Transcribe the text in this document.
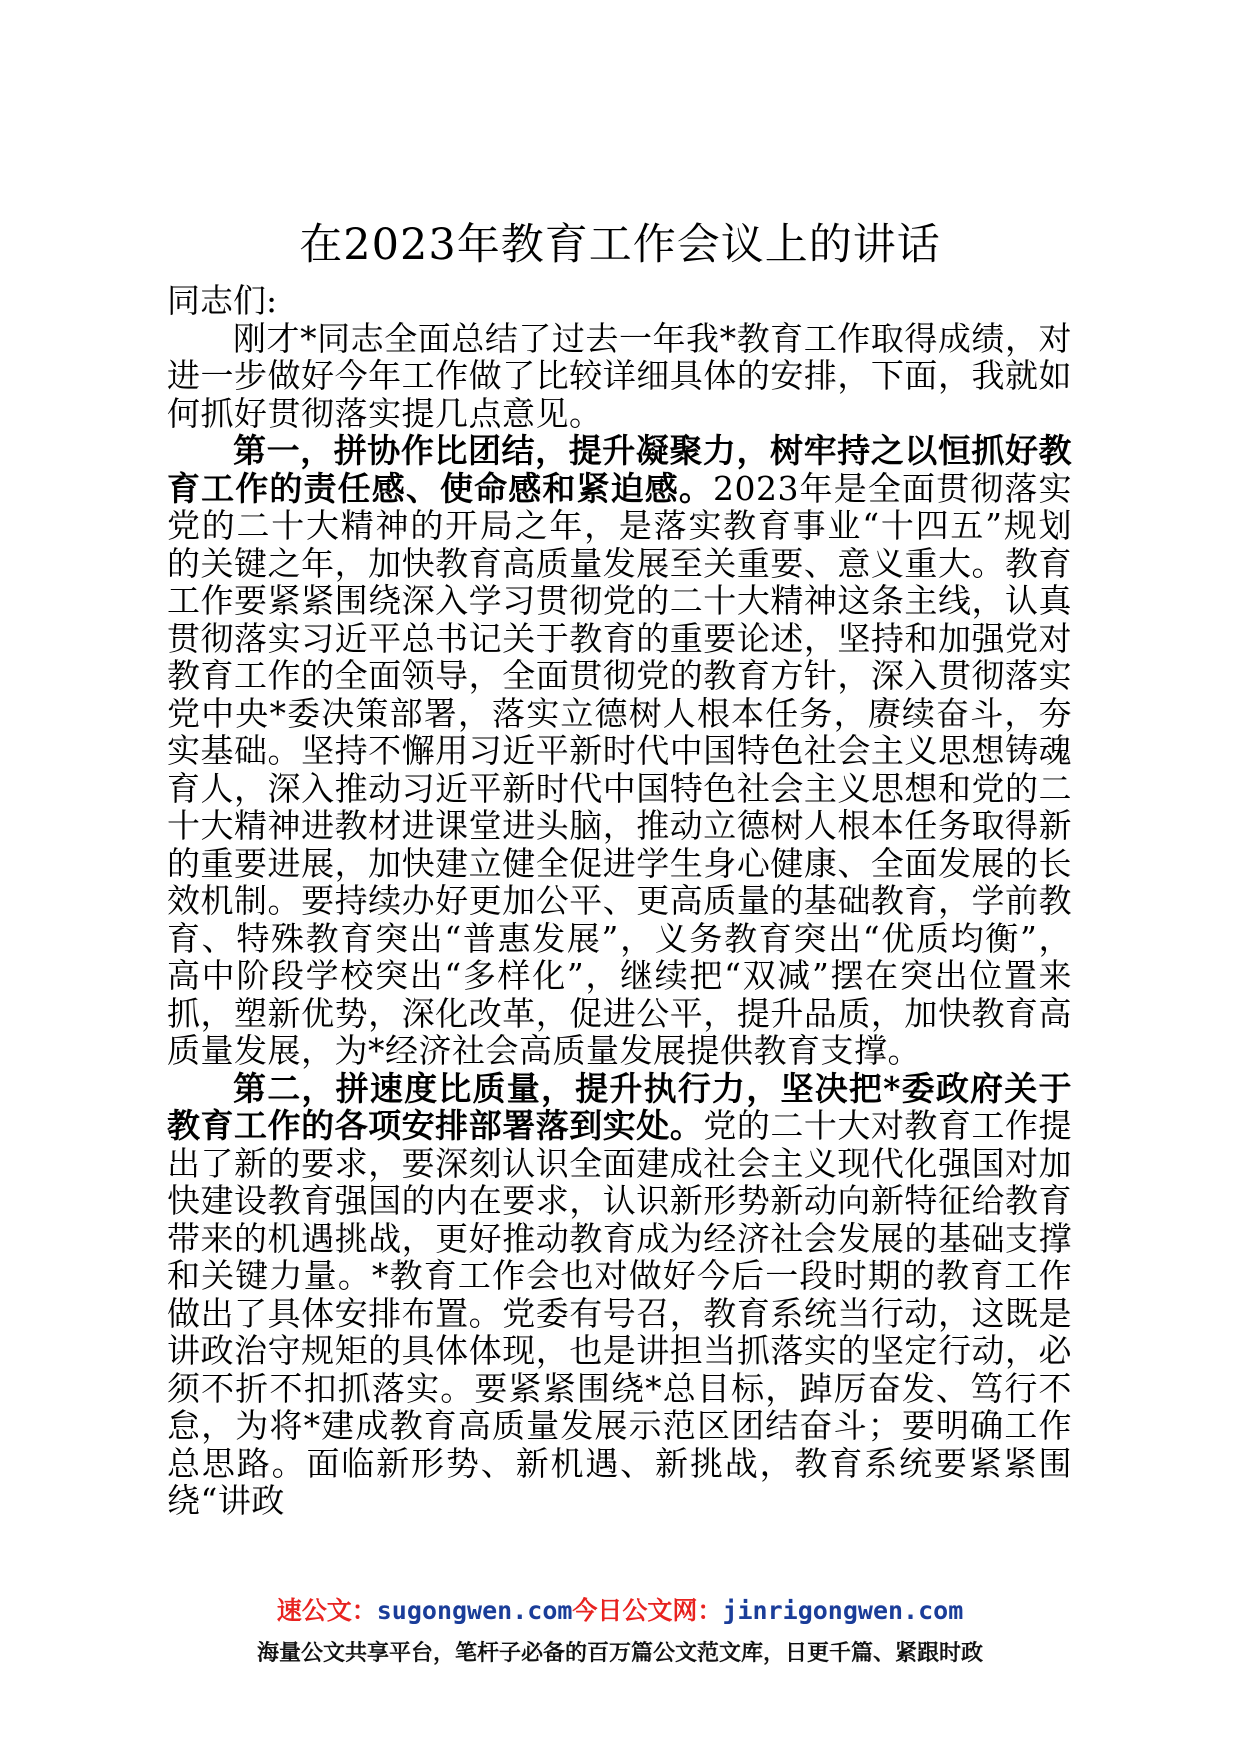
在2023年教育工作会议上的讲话

同志们:

刚才*同志全面总结了过去一年我*教育工作取得成绩，对进一步做好今年工作做了比较详细具体的安排，下面，我就如何抓好贯彻落实提几点意见。

第一，拼协作比团结，提升凝聚力，树牢持之以恒抓好教育工作的责任感、使命感和紧迫感。2023年是全面贯彻落实党的二十大精神的开局之年，是落实教育事业“十四五”规划的关键之年，加快教育高质量发展至关重要、意义重大。教育工作要紧紧围绕深入学习贯彻党的二十大精神这条主线，认真贯彻落实习近平总书记关于教育的重要论述，坚持和加强党对教育工作的全面领导，全面贯彻党的教育方针，深入贯彻落实党中央*委决策部署，落实立德树人根本任务，赓续奋斗，夯实基础。坚持不懈用习近平新时代中国特色社会主义思想铸魂育人，深入推动习近平新时代中国特色社会主义思想和党的二十大精神进教材进课堂进头脑，推动立德树人根本任务取得新的重要进展，加快建立健全促进学生身心健康、全面发展的长效机制。要持续办好更加公平、更高质量的基础教育，学前教育、特殊教育突出“普惠发展”，义务教育突出“优质均衡”，高中阶段学校突出“多样化”，继续把“双减”摆在突出位置来抓，塑新优势，深化改革，促进公平，提升品质，加快教育高质量发展，为*经济社会高质量发展提供教育支撑。

第二，拼速度比质量，提升执行力，坚决把*委政府关于教育工作的各项安排部署落到实处。党的二十大对教育工作提出了新的要求，要深刻认识全面建成社会主义现代化强国对加快建设教育强国的内在要求，认识新形势新动向新特征给教育带来的机遇挑战，更好推动教育成为经济社会发展的基础支撑和关键力量。*教育工作会也对做好今后一段时期的教育工作做出了具体安排布置。党委有号召，教育系统当行动，这既是讲政治守规矩的具体体现，也是讲担当抓落实的坚定行动，必须不折不扣抓落实。要紧紧围绕*总目标，踔厉奋发、笃行不怠，为将*建成教育高质量发展示范区团结奋斗；要明确工作总思路。面临新形势、新机遇、新挑战，教育系统要紧紧围绕“讲政

速公文：sugongwen.com今日公文网：jinrigongwen.com
海量公文共享平台，笔杆子必备的百万篇公文范文库，日更千篇、紧跟时政
